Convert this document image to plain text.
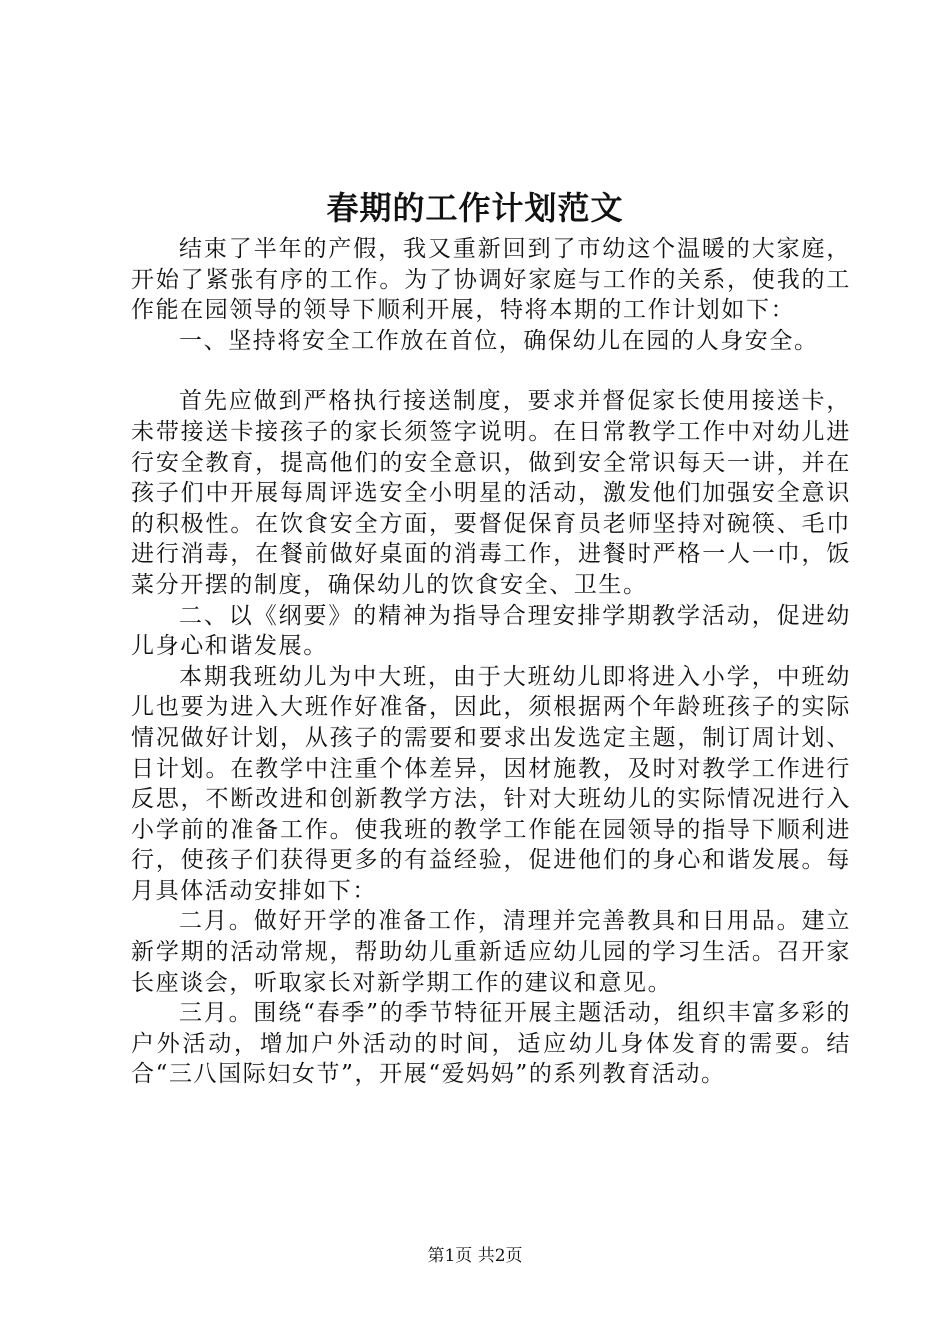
春期的工作计划范文

结束了半年的产假，我又重新回到了市幼这个温暖的大家庭，开始了紧张有序的工作。为了协调好家庭与工作的关系，使我的工作能在园领导的领导下顺利开展，特将本期的工作计划如下：

一、坚持将安全工作放在首位，确保幼儿在园的人身安全。

首先应做到严格执行接送制度，要求并督促家长使用接送卡，未带接送卡接孩子的家长须签字说明。在日常教学工作中对幼儿进行安全教育，提高他们的安全意识，做到安全常识每天一讲，并在孩子们中开展每周评选安全小明星的活动，激发他们加强安全意识的积极性。在饮食安全方面，要督促保育员老师坚持对碗筷、毛巾进行消毒，在餐前做好桌面的消毒工作，进餐时严格一人一巾，饭菜分开摆的制度，确保幼儿的饮食安全、卫生。

二、以《纲要》的精神为指导合理安排学期教学活动，促进幼儿身心和谐发展。

本期我班幼儿为中大班，由于大班幼儿即将进入小学，中班幼儿也要为进入大班作好准备，因此，须根据两个年龄班孩子的实际情况做好计划，从孩子的需要和要求出发选定主题，制订周计划、日计划。在教学中注重个体差异，因材施教，及时对教学工作进行反思，不断改进和创新教学方法，针对大班幼儿的实际情况进行入小学前的准备工作。使我班的教学工作能在园领导的指导下顺利进行，使孩子们获得更多的有益经验，促进他们的身心和谐发展。每月具体活动安排如下：

二月。做好开学的准备工作，清理并完善教具和日用品。建立新学期的活动常规，帮助幼儿重新适应幼儿园的学习生活。召开家长座谈会，听取家长对新学期工作的建议和意见。

三月。围绕“春季”的季节特征开展主题活动，组织丰富多彩的户外活动，增加户外活动的时间，适应幼儿身体发育的需要。结合“三八国际妇女节”，开展“爱妈妈”的系列教育活动。

第1页 共2页
